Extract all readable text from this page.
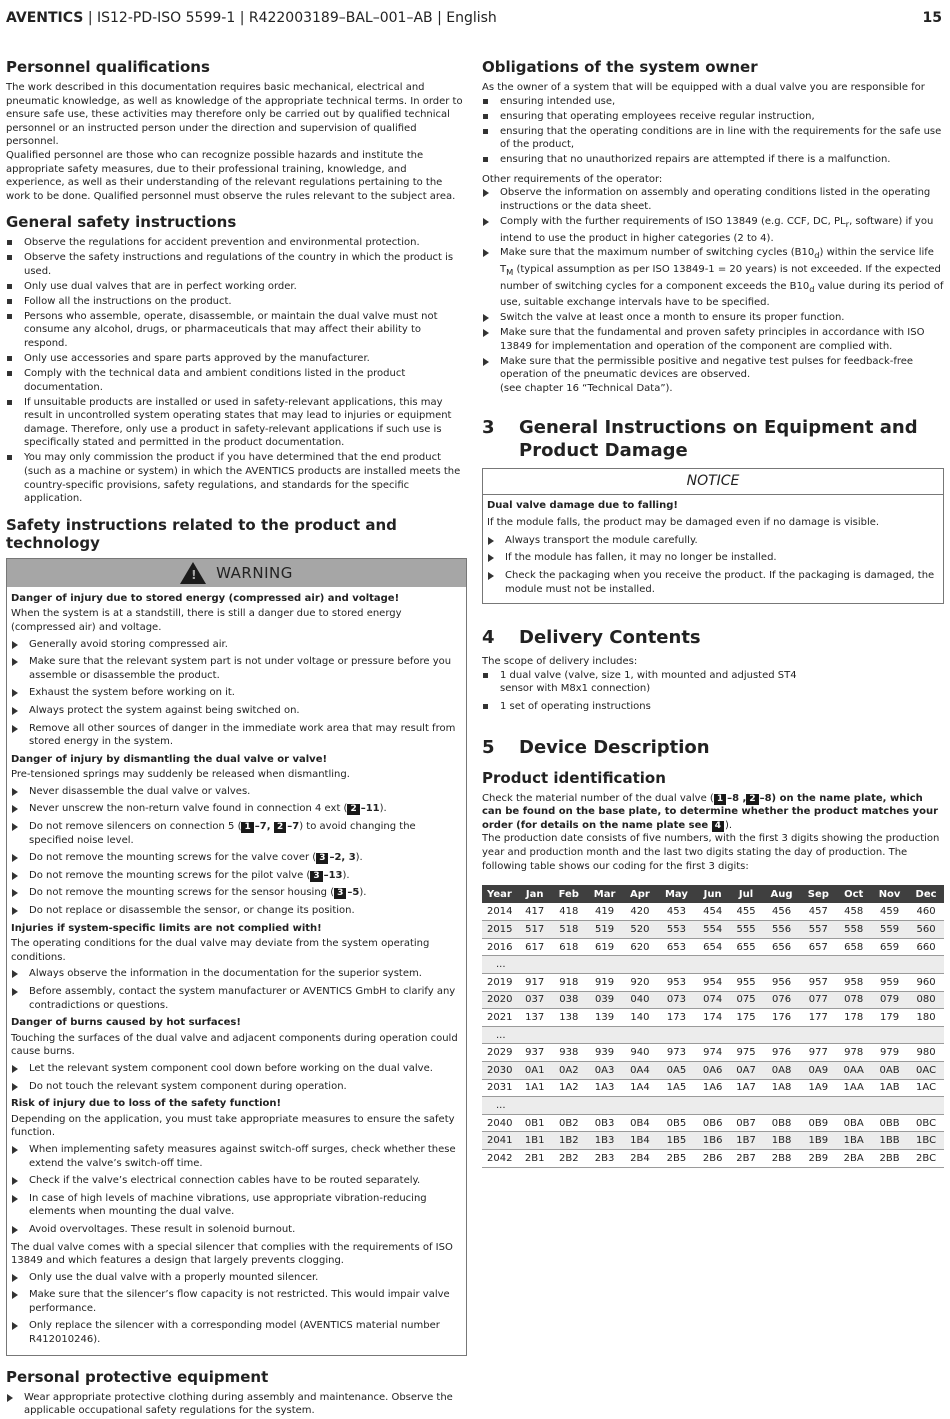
AVENTICS | IS12-PD-ISO 5599-1 | R422003189–BAL–001–AB | English	15
Personnel qualifications

The work described in this documentation requires basic mechanical, electrical and pneumatic knowledge, as well as knowledge of the appropriate technical terms. In order to ensure safe use, these activities may therefore only be carried out by qualified technical personnel or an instructed person under the direction and supervision of qualified personnel.

Qualified personnel are those who can recognize possible hazards and institute the appropriate safety measures, due to their professional training, knowledge, and experience, as well as their understanding of the relevant regulations pertaining to the work to be done. Qualified personnel must observe the rules relevant to the subject area.

General safety instructions
Observe the regulations for accident prevention and environmental protection.
Observe the safety instructions and regulations of the country in which the product is used.
Only use dual valves that are in perfect working order.
Follow all the instructions on the product.
Persons who assemble, operate, disassemble, or maintain the dual valve must not consume any alcohol, drugs, or pharmaceuticals that may affect their ability to respond.
Only use accessories and spare parts approved by the manufacturer.
Comply with the technical data and ambient conditions listed in the product documentation.
If unsuitable products are installed or used in safety-relevant applications, this may result in uncontrolled system operating states that may lead to injuries or equipment damage. Therefore, only use a product in safety-relevant applications if such use is specifically stated and permitted in the product documentation.
You may only commission the product if you have determined that the end product (such as a machine or system) in which the AVENTICS products are installed meets the country-specific provisions, safety regulations, and standards for the specific application.
Safety instructions related to the product and technology
! WARNING
Danger of injury due to stored energy (compressed air) and voltage!

When the system is at a standstill, there is still a danger due to stored energy (compressed air) and voltage.

Generally avoid storing compressed air.
Make sure that the relevant system part is not under voltage or pressure before you assemble or disassemble the product.
Exhaust the system before working on it.
Always protect the system against being switched on.
Remove all other sources of danger in the immediate work area that may result from stored energy in the system.
Danger of injury by dismantling the dual valve or valve!

Pre-tensioned springs may suddenly be released when dismantling.

Never disassemble the dual valve or valves.
Never unscrew the non-return valve found in connection 4 ext ( 2 –11).
Do not remove silencers on connection 5 ( 1 –7, 2 –7) to avoid changing the specified noise level.
Do not remove the mounting screws for the valve cover ( 3 –2, 3).
Do not remove the mounting screws for the pilot valve ( 3 –13).
Do not remove the mounting screws for the sensor housing ( 3 –5).
Do not replace or disassemble the sensor, or change its position.
Injuries if system-specific limits are not complied with!

The operating conditions for the dual valve may deviate from the system operating conditions.

Always observe the information in the documentation for the superior system.
Before assembly, contact the system manufacturer or AVENTICS GmbH to clarify any contradictions or questions.
Danger of burns caused by hot surfaces!

Touching the surfaces of the dual valve and adjacent components during operation could cause burns.

Let the relevant system component cool down before working on the dual valve.
Do not touch the relevant system component during operation.
Risk of injury due to loss of the safety function!

Depending on the application, you must take appropriate measures to ensure the safety function.

When implementing safety measures against switch-off surges, check whether these extend the valve’s switch-off time.
Check if the valve’s electrical connection cables have to be routed separately.
In case of high levels of machine vibrations, use appropriate vibration-reducing elements when mounting the dual valve.
Avoid overvoltages. These result in solenoid burnout.

The dual valve comes with a special silencer that complies with the requirements of ISO 13849 and which features a design that largely prevents clogging.

Only use the dual valve with a properly mounted silencer.
Make sure that the silencer’s flow capacity is not restricted. This would impair valve performance.
Only replace the silencer with a corresponding model (AVENTICS material number R412010246).
Personal protective equipment
Wear appropriate protective clothing during assembly and maintenance. Observe the applicable occupational safety regulations for the system.
Obligations of the system owner

As the owner of a system that will be equipped with a dual valve you are responsible for

ensuring intended use,
ensuring that operating employees receive regular instruction,
ensuring that the operating conditions are in line with the requirements for the safe use of the product,
ensuring that no unauthorized repairs are attempted if there is a malfunction.

Other requirements of the operator:

Observe the information on assembly and operating conditions listed in the operating instructions or the data sheet.
Comply with the further requirements of ISO 13849 (e.g. CCF, DC, $PL_r$, software) if you intend to use the product in higher categories (2 to 4).
Make sure that the maximum number of switching cycles $(B10_d)$ within the service life $T_M$ (typical assumption as per ISO 13849-1 = 20 years) is not exceeded. If the expected number of switching cycles for a component exceeds the $B10_d$ value during its period of use, suitable exchange intervals have to be specified.
Switch the valve at least once a month to ensure its proper function.
Make sure that the fundamental and proven safety principles in accordance with ISO 13849 for implementation and operation of the component are complied with.
Make sure that the permissible positive and negative test pulses for feedback-free operation of the pneumatic devices are observed.
(see chapter 16 “Technical Data”).
3	General Instructions on Equipment and Product Damage
NOTICE
Dual valve damage due to falling!

If the module falls, the product may be damaged even if no damage is visible.

Always transport the module carefully.
If the module has fallen, it may no longer be installed.
Check the packaging when you receive the product. If the packaging is damaged, the module must not be installed.
4	Delivery Contents

The scope of delivery includes:

1 dual valve (valve, size 1, with mounted and adjusted ST4 sensor with M8x1 connection)
1 set of operating instructions
5	Device Description
Product identification

Check the material number of the dual valve ( 1 –8 , 2 –8) on the name plate, which can be found on the base plate, to determine whether the product matches your order (for details on the name plate see 4 ).

The production date consists of five numbers, with the first 3 digits showing the production year and production month and the last two digits stating the day of production. The following table shows our coding for the first 3 digits:

Year	Jan	Feb	Mar	Apr	May	Jun	Jul	Aug	Sep	Oct	Nov	Dec
2014	417	418	419	420	453	454	455	456	457	458	459	460
2015	517	518	519	520	553	554	555	556	557	558	559	560
2016	617	618	619	620	653	654	655	656	657	658	659	660
...												
2019	917	918	919	920	953	954	955	956	957	958	959	960
2020	037	038	039	040	073	074	075	076	077	078	079	080
2021	137	138	139	140	173	174	175	176	177	178	179	180
...												
2029	937	938	939	940	973	974	975	976	977	978	979	980
2030	0A1	0A2	0A3	0A4	0A5	0A6	0A7	0A8	0A9	0AA	0AB	0AC
2031	1A1	1A2	1A3	1A4	1A5	1A6	1A7	1A8	1A9	1AA	1AB	1AC
...												
2040	0B1	0B2	0B3	0B4	0B5	0B6	0B7	0B8	0B9	0BA	0BB	0BC
2041	1B1	1B2	1B3	1B4	1B5	1B6	1B7	1B8	1B9	1BA	1BB	1BC
2042	2B1	2B2	2B3	2B4	2B5	2B6	2B7	2B8	2B9	2BA	2BB	2BC
